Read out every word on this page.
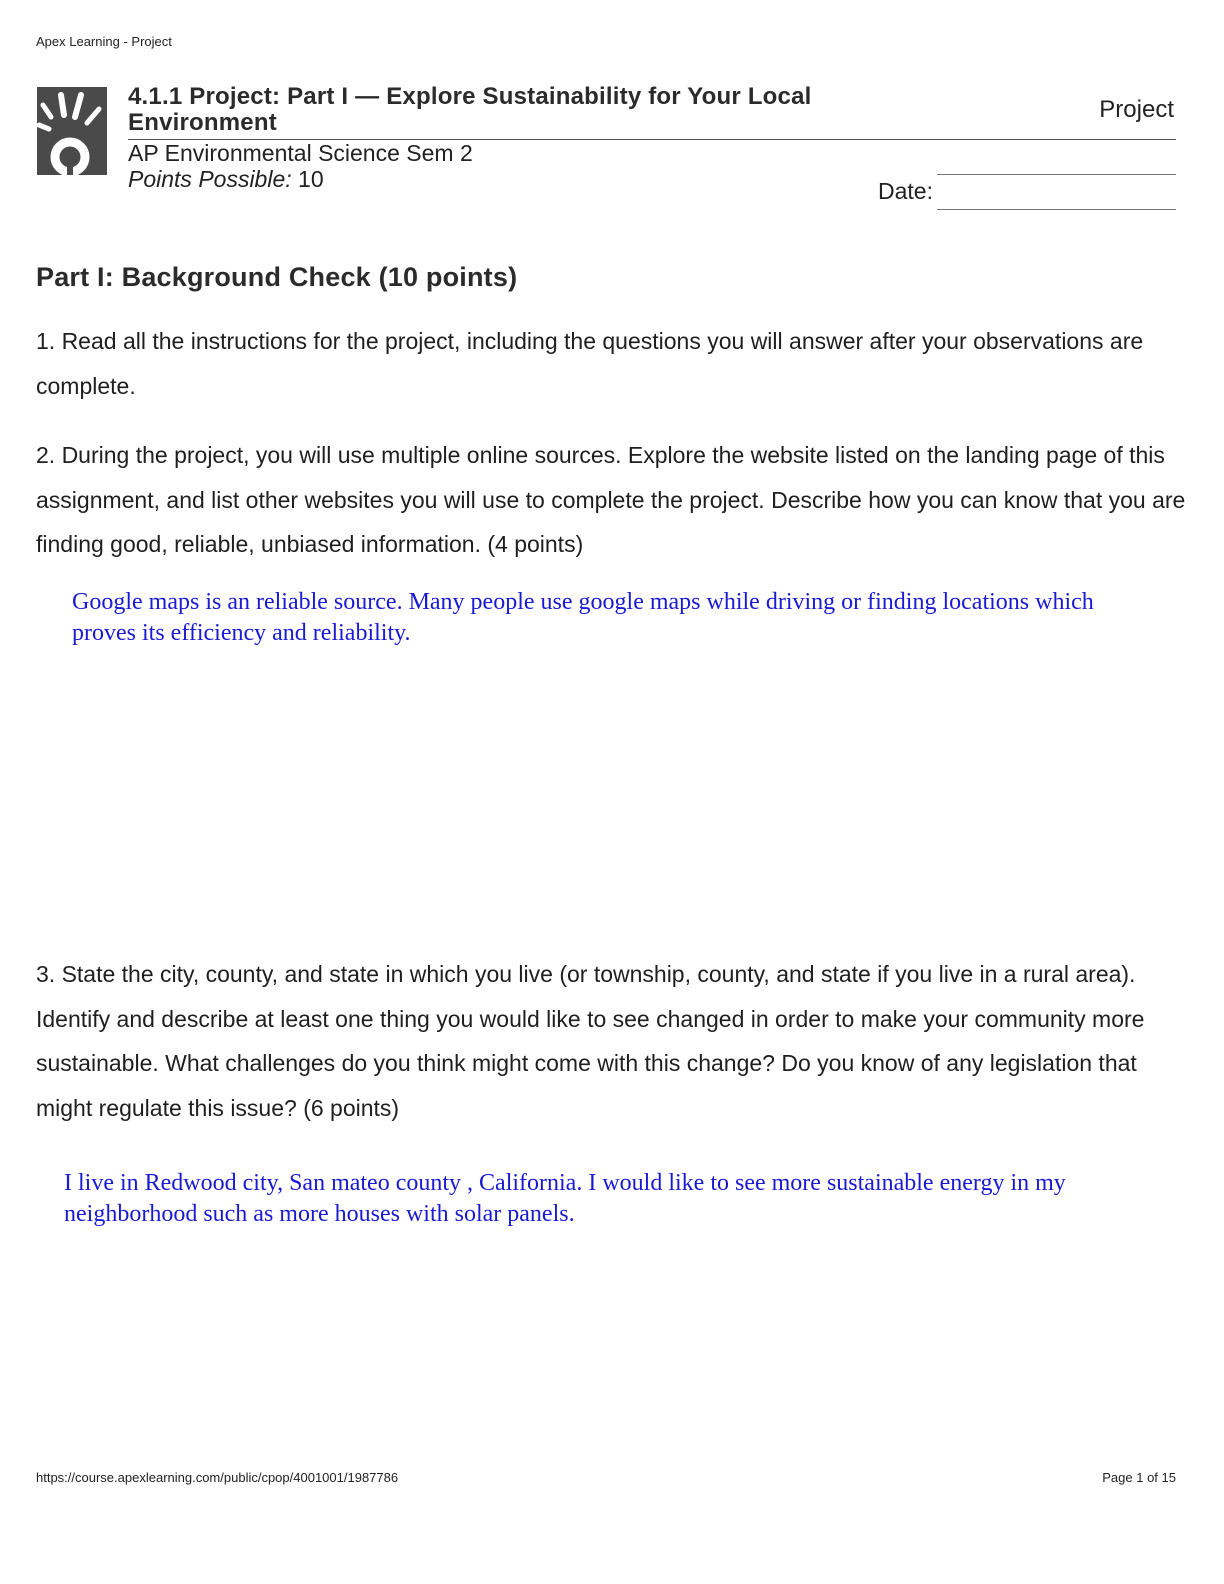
Apex Learning - Project
4.1.1 Project: Part I — Explore Sustainability for Your Local Environment	Project
AP Environmental Science Sem 2
Points Possible: 10	Date:
Part I: Background Check (10 points)
1. Read all the instructions for the project, including the questions you will answer after your observations are complete.
2. During the project, you will use multiple online sources. Explore the website listed on the landing page of this assignment, and list other websites you will use to complete the project. Describe how you can know that you are finding good, reliable, unbiased information. (4 points)
Google maps is an reliable source. Many people use google maps while driving or finding locations which proves its efficiency and reliability.
3. State the city, county, and state in which you live (or township, county, and state if you live in a rural area). Identify and describe at least one thing you would like to see changed in order to make your community more sustainable. What challenges do you think might come with this change? Do you know of any legislation that might regulate this issue? (6 points)
I live in Redwood city, San mateo county , California. I would like to see more sustainable energy in my neighborhood such as more houses with solar panels.
https://course.apexlearning.com/public/cpop/4001001/1987786	Page 1 of 15
